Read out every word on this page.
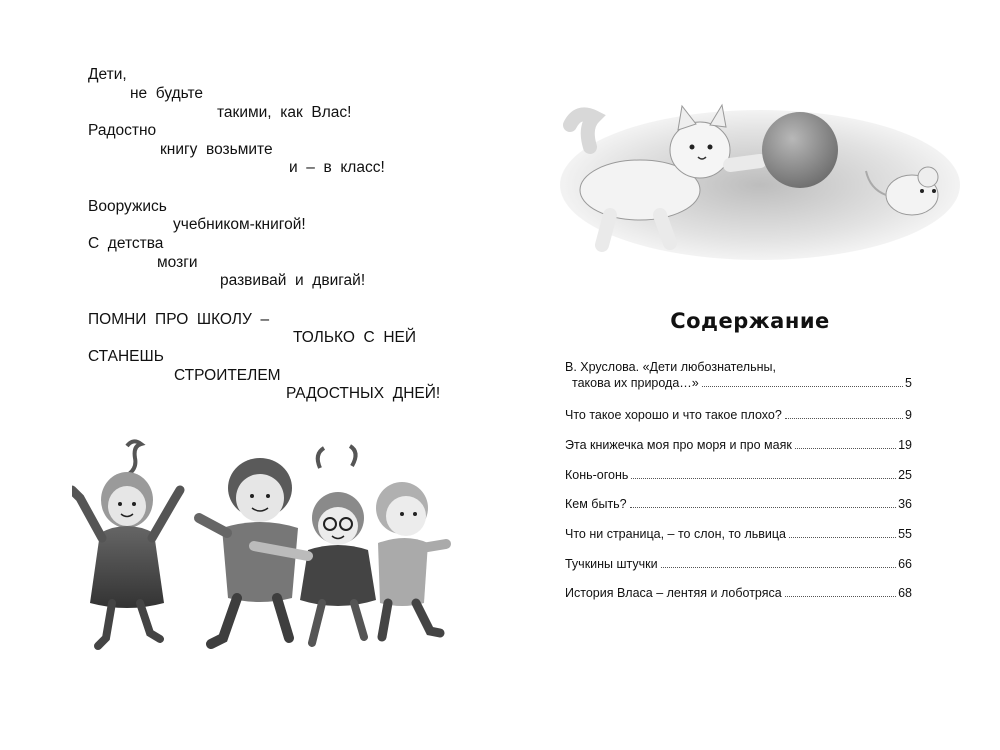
Дети,
не  будьте
такими,  как  Влас!
Радостно
книгу  возьмите
и  –  в  класс!
Вооружись
учебником-книгой!
С  детства
мозги
развивай  и  двигай!
ПОМНИ  ПРО  ШКОЛУ  –
ТОЛЬКО  С  НЕЙ
СТАНЕШЬ
СТРОИТЕЛЕМ
РАДОСТНЫХ  ДНЕЙ!
Содержание
В. Хруслова. «Дети любознательны,
такова их природа…»	5
Что такое хорошо и что такое плохо?	9
Эта книжечка моя про моря и про маяк	19
Конь-огонь	25
Кем быть?	36
Что ни страница, – то слон, то львица	55
Тучкины штучки	66
История Власа – лентяя и лоботряса	68
